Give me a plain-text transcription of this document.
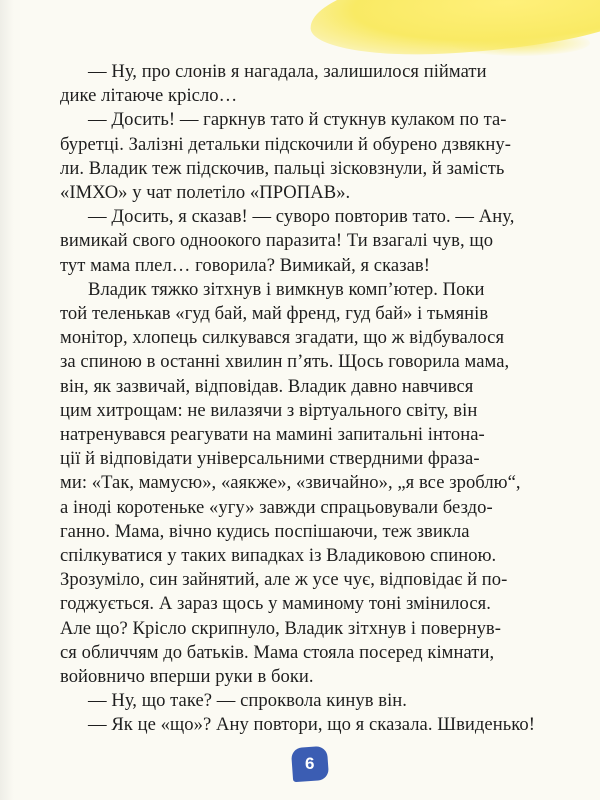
— Ну, про слонів я нагадала, залишилося піймати
дике літаюче крісло…

— Досить! — гаркнув тато й стукнув кулаком по та-
буретці. Залізні детальки підскочили й обурено дзвякну-
ли. Владик теж підскочив, пальці зісковзнули, й замість
«ІМХО» у чат полетіло «ПРОПАВ».

— Досить, я сказав! — суворо повторив тато. — Ану,
вимикай свого одноокого паразита! Ти взагалі чув, що
тут мама плел… говорила? Вимикай, я сказав!

Владик тяжко зітхнув і вимкнув комп’ютер. Поки
той теленькав «гуд бай, май френд, гуд бай» і тьмянів
монітор, хлопець силкувався згадати, що ж відбувалося
за спиною в останні хвилин п’ять. Щось говорила мама,
він, як зазвичай, відповідав. Владик давно навчився
цим хитрощам: не вилазячи з віртуального світу, він
натренувався реагувати на мамині запитальні інтона-
ції й відповідати універсальними ствердними фраза-
ми: «Так, мамусю», «аякже», «звичайно», „я все зроблю“,
а іноді коротеньке «угу» завжди спрацьовували бездо-
ганно. Мама, вічно кудись поспішаючи, теж звикла
спілкуватися у таких випадках із Владиковою спиною.
Зрозуміло, син зайнятий, але ж усе чує, відповідає й по-
годжується. А зараз щось у маминому тоні змінилося.
Але що? Крісло скрипнуло, Владик зітхнув і повернув-
ся обличчям до батьків. Мама стояла посеред кімнати,
войовничо вперши руки в боки.

— Ну, що таке? — спроквола кинув він.

— Як це «що»? Ану повтори, що я сказала. Швиденько!

6
